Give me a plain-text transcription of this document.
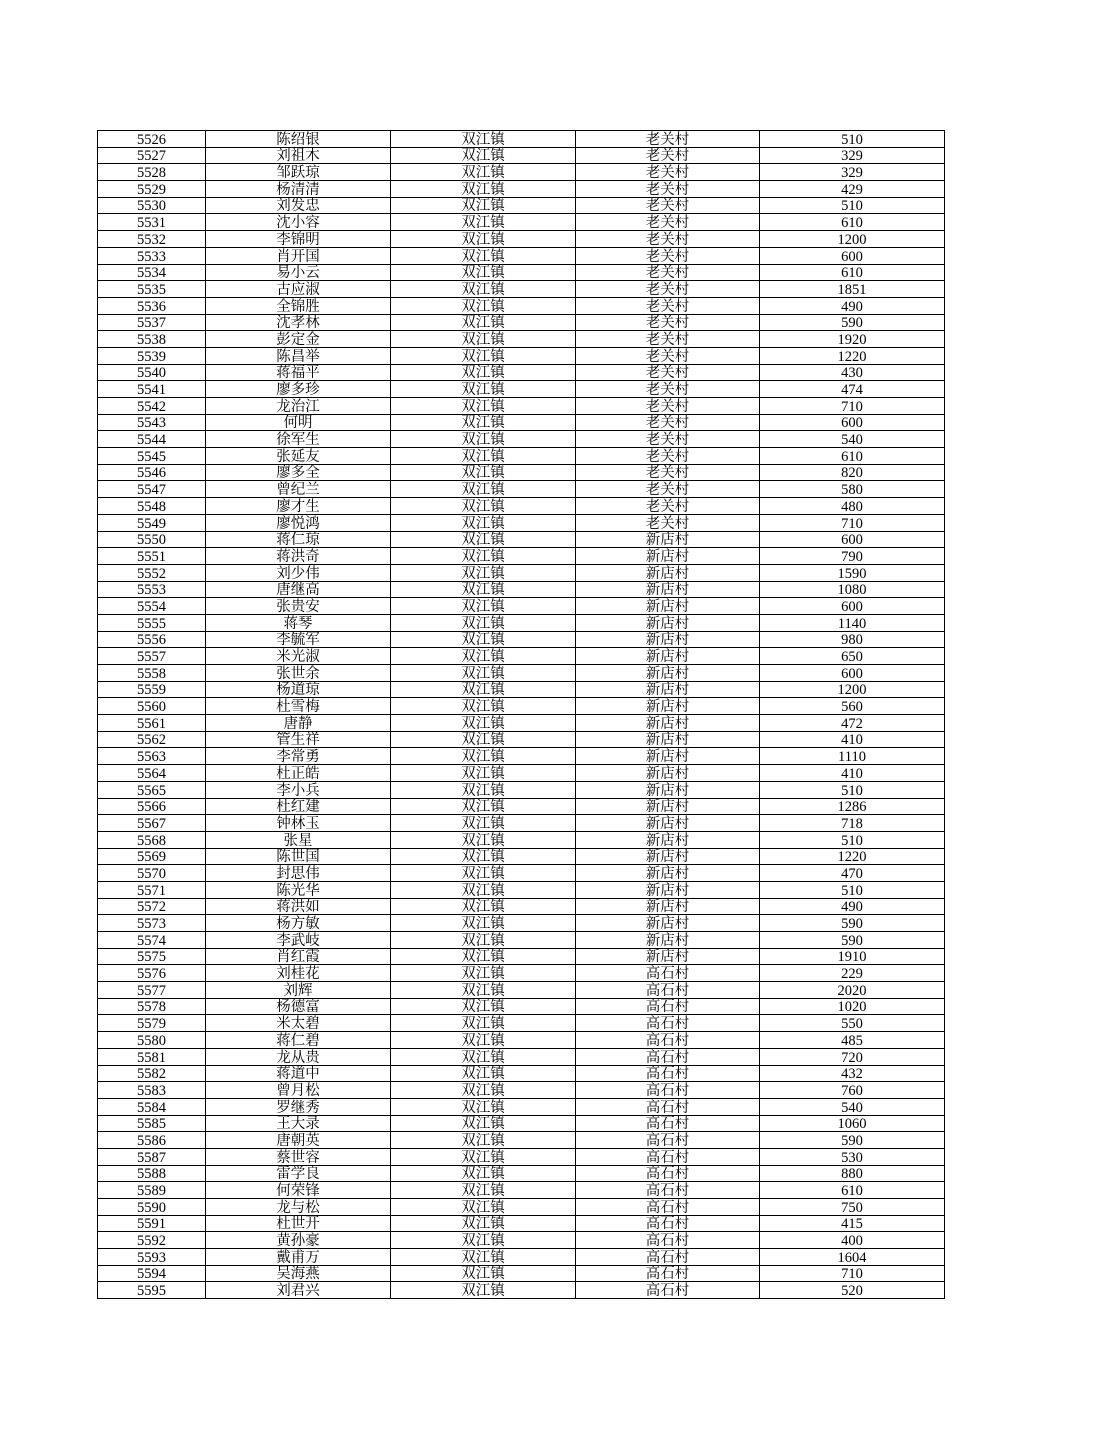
5526	陈绍银	双江镇	老关村	510
5527	刘祖木	双江镇	老关村	329
5528	邹跃琼	双江镇	老关村	329
5529	杨清清	双江镇	老关村	429
5530	刘发忠	双江镇	老关村	510
5531	沈小容	双江镇	老关村	610
5532	李锦明	双江镇	老关村	1200
5533	肖开国	双江镇	老关村	600
5534	易小云	双江镇	老关村	610
5535	古应淑	双江镇	老关村	1851
5536	全锦胜	双江镇	老关村	490
5537	沈孝林	双江镇	老关村	590
5538	彭定金	双江镇	老关村	1920
5539	陈昌举	双江镇	老关村	1220
5540	蒋福平	双江镇	老关村	430
5541	廖多珍	双江镇	老关村	474
5542	龙治江	双江镇	老关村	710
5543	何明	双江镇	老关村	600
5544	徐军生	双江镇	老关村	540
5545	张延友	双江镇	老关村	610
5546	廖多全	双江镇	老关村	820
5547	曾纪兰	双江镇	老关村	580
5548	廖才生	双江镇	老关村	480
5549	廖悦鸿	双江镇	老关村	710
5550	蒋仁琼	双江镇	新店村	600
5551	蒋洪奇	双江镇	新店村	790
5552	刘少伟	双江镇	新店村	1590
5553	唐继高	双江镇	新店村	1080
5554	张贵安	双江镇	新店村	600
5555	蒋琴	双江镇	新店村	1140
5556	李毓军	双江镇	新店村	980
5557	米光淑	双江镇	新店村	650
5558	张世余	双江镇	新店村	600
5559	杨道琼	双江镇	新店村	1200
5560	杜雪梅	双江镇	新店村	560
5561	唐静	双江镇	新店村	472
5562	管生祥	双江镇	新店村	410
5563	李常勇	双江镇	新店村	1110
5564	杜正皓	双江镇	新店村	410
5565	李小兵	双江镇	新店村	510
5566	杜红建	双江镇	新店村	1286
5567	钟林玉	双江镇	新店村	718
5568	张星	双江镇	新店村	510
5569	陈世国	双江镇	新店村	1220
5570	封思伟	双江镇	新店村	470
5571	陈光华	双江镇	新店村	510
5572	蒋洪如	双江镇	新店村	490
5573	杨方敏	双江镇	新店村	590
5574	李武岐	双江镇	新店村	590
5575	肖红霞	双江镇	新店村	1910
5576	刘桂花	双江镇	高石村	229
5577	刘辉	双江镇	高石村	2020
5578	杨德富	双江镇	高石村	1020
5579	米太碧	双江镇	高石村	550
5580	蒋仁碧	双江镇	高石村	485
5581	龙从贵	双江镇	高石村	720
5582	蒋道中	双江镇	高石村	432
5583	曾月松	双江镇	高石村	760
5584	罗继秀	双江镇	高石村	540
5585	王大录	双江镇	高石村	1060
5586	唐朝英	双江镇	高石村	590
5587	蔡世容	双江镇	高石村	530
5588	雷学良	双江镇	高石村	880
5589	何荣锋	双江镇	高石村	610
5590	龙与松	双江镇	高石村	750
5591	杜世开	双江镇	高石村	415
5592	黄孙豪	双江镇	高石村	400
5593	戴甫万	双江镇	高石村	1604
5594	吴海燕	双江镇	高石村	710
5595	刘君兴	双江镇	高石村	520
